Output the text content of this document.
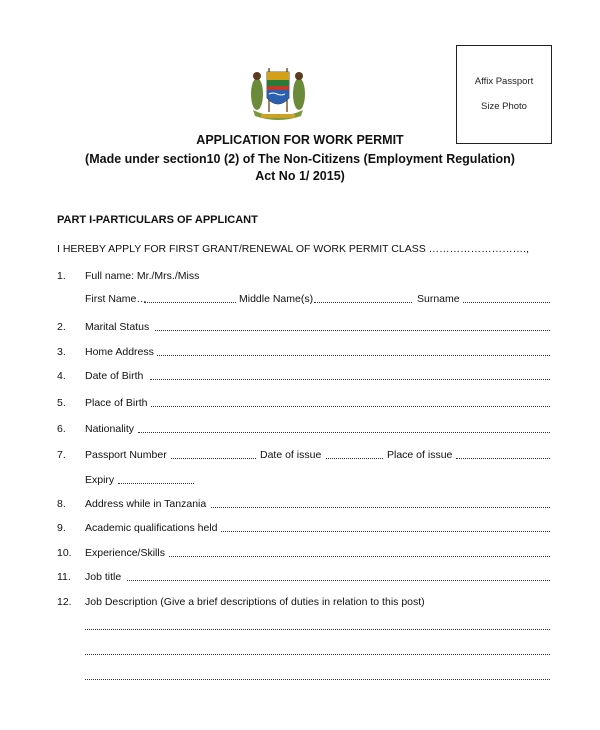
Affix Passport
Size Photo
APPLICATION FOR WORK PERMIT
(Made under section10 (2) of The Non-Citizens (Employment Regulation)
Act No 1/ 2015)
PART I-PARTICULARS OF APPLICANT
I HEREBY APPLY FOR FIRST GRANT/RENEWAL OF WORK PERMIT CLASS ……………………….,
1. Full name: Mr./Mrs./Miss
First Name…	Middle Name(s)	Surname
2. Marital Status
3. Home Address
4. Date of Birth
5. Place of Birth
6. Nationality
7. Passport Number	Date of issue	Place of issue
Expiry
8. Address while in Tanzania
9. Academic qualifications held
10. Experience/Skills
11. Job title
12. Job Description (Give a brief descriptions of duties in relation to this post)
